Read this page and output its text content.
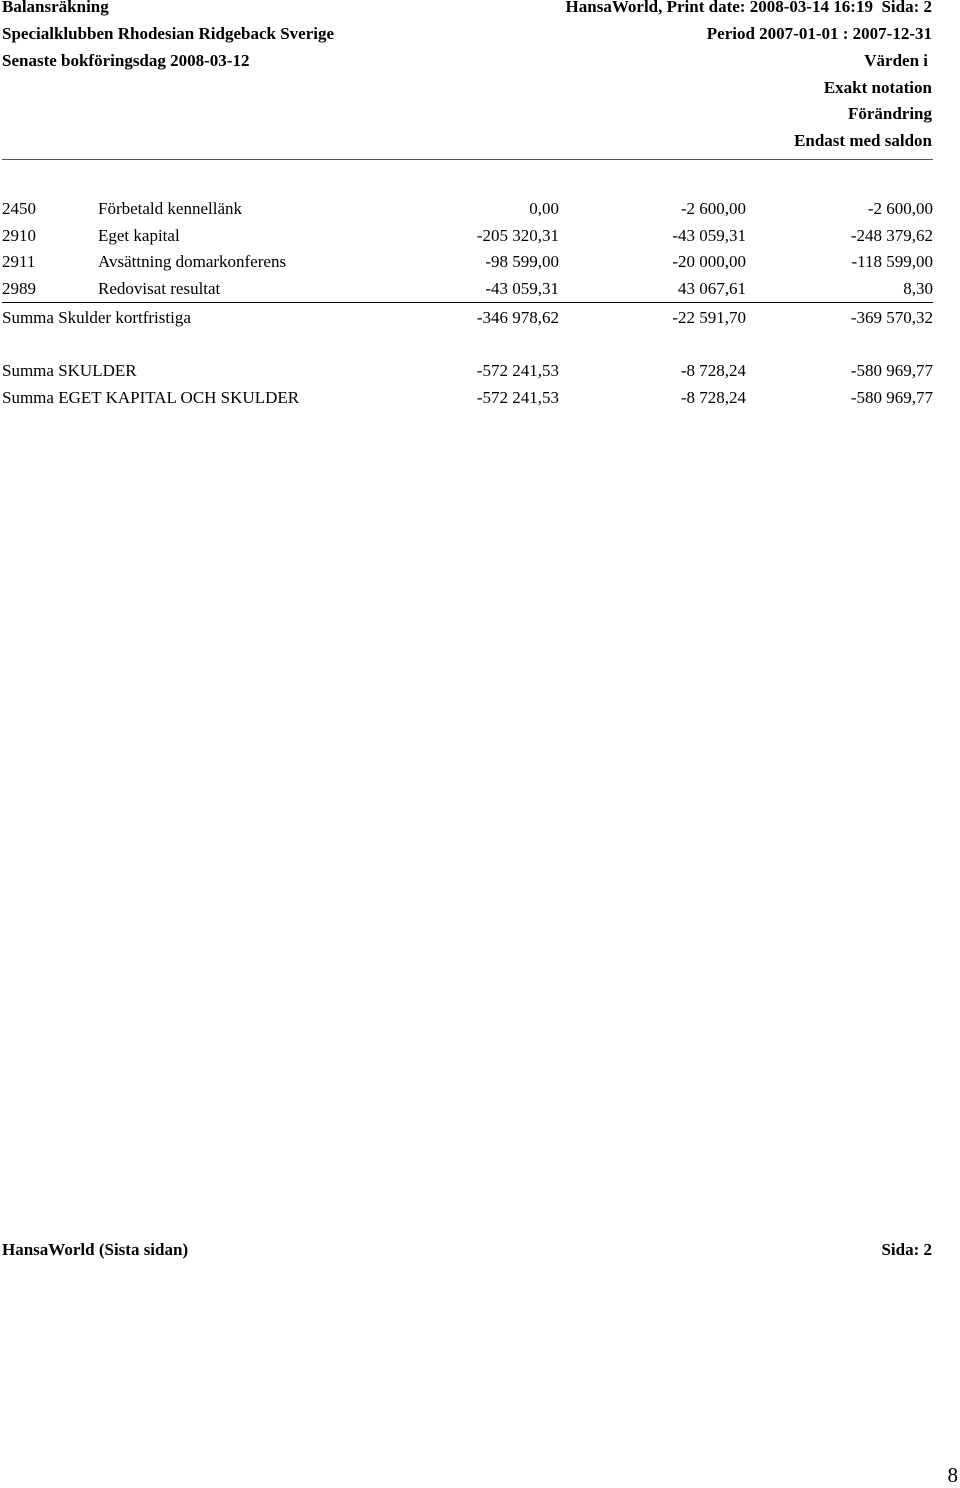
Balansräkning	HansaWorld, Print date: 2008-03-14 16:19 Sida: 2
Specialklubben Rhodesian Ridgeback Sverige	Period 2007-01-01 : 2007-12-31
Senaste bokföringsdag 2008-03-12	Värden i
Exakt notation
Förändring
Endast med saldon
2450	Förbetald kennellänk	0,00	-2 600,00	-2 600,00
2910	Eget kapital	-205 320,31	-43 059,31	-248 379,62
2911	Avsättning domarkonferens	-98 599,00	-20 000,00	-118 599,00
2989	Redovisat resultat	-43 059,31	43 067,61	8,30
Summa Skulder kortfristiga	-346 978,62	-22 591,70	-369 570,32
Summa SKULDER	-572 241,53	-8 728,24	-580 969,77
Summa EGET KAPITAL OCH SKULDER	-572 241,53	-8 728,24	-580 969,77
HansaWorld (Sista sidan)	Sida: 2
8
